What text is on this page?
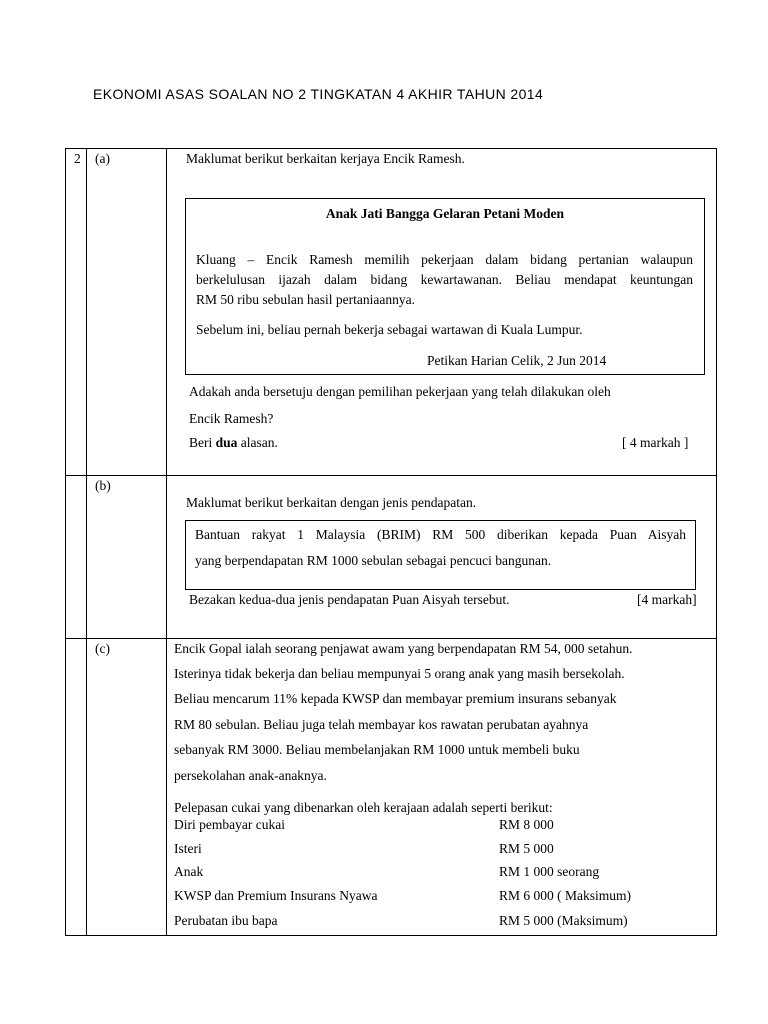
EKONOMI ASAS SOALAN NO 2 TINGKATAN 4 AKHIR TAHUN 2014
2 (a)	Maklumat berikut berkaitan kerjaya Encik Ramesh.
Anak Jati Bangga Gelaran Petani Moden
Kluang – Encik Ramesh memilih pekerjaan dalam bidang pertanian walaupun
berkelulusan ijazah dalam bidang kewartawanan. Beliau mendapat keuntungan
RM 50 ribu sebulan hasil pertaniaannya.
Sebelum ini, beliau pernah bekerja sebagai wartawan di Kuala Lumpur.
Petikan Harian Celik, 2 Jun 2014
Adakah anda bersetuju dengan pemilihan pekerjaan yang telah dilakukan oleh
Encik Ramesh?
Beri dua alasan.	[ 4 markah ]
(b)
Maklumat berikut berkaitan dengan jenis pendapatan.
Bantuan rakyat 1 Malaysia (BRIM) RM 500 diberikan kepada Puan Aisyah
yang berpendapatan RM 1000 sebulan sebagai pencuci bangunan.
Bezakan kedua-dua jenis pendapatan Puan Aisyah tersebut.	[4 markah]
(c)	Encik Gopal ialah seorang penjawat awam yang berpendapatan RM 54, 000 setahun.
Isterinya tidak bekerja dan beliau mempunyai 5 orang anak yang masih bersekolah.
Beliau mencarum 11% kepada KWSP dan membayar premium insurans sebanyak
RM 80 sebulan. Beliau juga telah membayar kos rawatan perubatan ayahnya
sebanyak RM 3000. Beliau membelanjakan RM 1000 untuk membeli buku
persekolahan anak-anaknya.
Pelepasan cukai yang dibenarkan oleh kerajaan adalah seperti berikut:
Diri pembayar cukai	RM 8 000
Isteri	RM 5 000
Anak	RM 1 000 seorang
KWSP dan Premium Insurans Nyawa	RM 6 000 ( Maksimum)
Perubatan ibu bapa	RM 5 000 (Maksimum)
